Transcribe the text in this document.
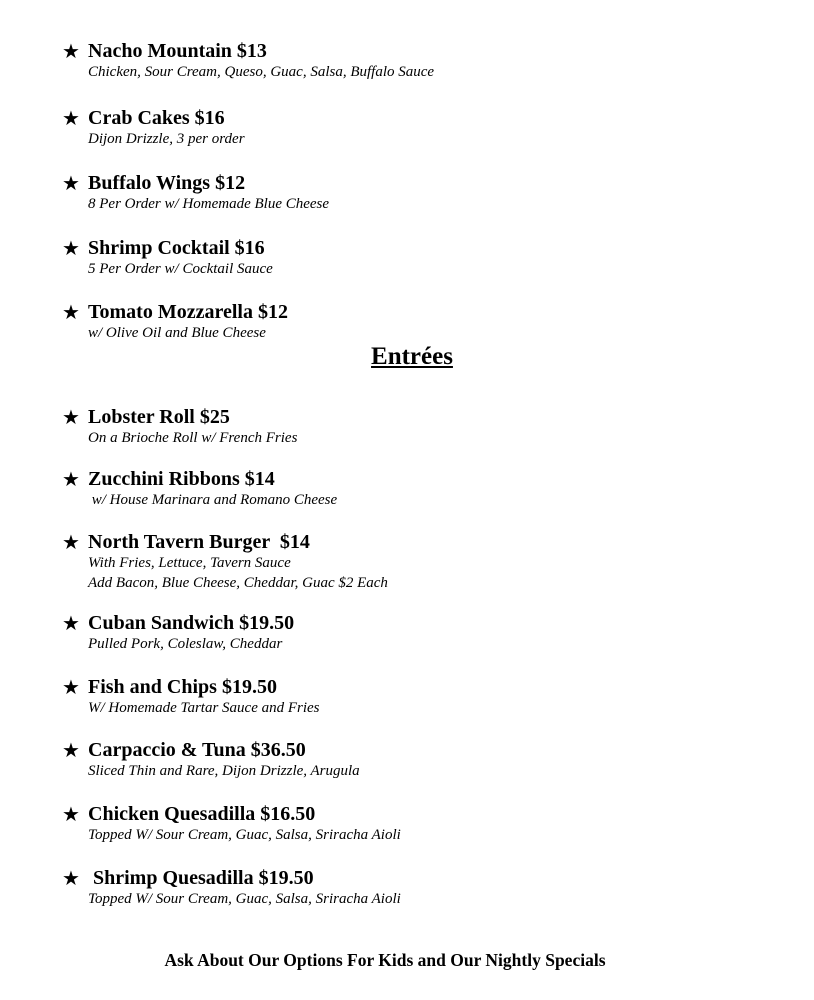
★ Nacho Mountain $13
Chicken, Sour Cream, Queso, Guac, Salsa, Buffalo Sauce
★ Crab Cakes $16
Dijon Drizzle, 3 per order
★ Buffalo Wings $12
8 Per Order w/ Homemade Blue Cheese
★ Shrimp Cocktail $16
5 Per Order w/ Cocktail Sauce
★ Tomato Mozzarella $12
w/ Olive Oil and Blue Cheese
Entrées
★ Lobster Roll $25
On a Brioche Roll w/ French Fries
★ Zucchini Ribbons $14
w/ House Marinara and Romano Cheese
★ North Tavern Burger  $14
With Fries, Lettuce, Tavern Sauce
Add Bacon, Blue Cheese, Cheddar, Guac $2 Each
★ Cuban Sandwich $19.50
Pulled Pork, Coleslaw, Cheddar
★ Fish and Chips $19.50
W/ Homemade Tartar Sauce and Fries
★ Carpaccio & Tuna $36.50
Sliced Thin and Rare, Dijon Drizzle, Arugula
★ Chicken Quesadilla $16.50
Topped W/ Sour Cream, Guac, Salsa, Sriracha Aioli
★ Shrimp Quesadilla $19.50
Topped W/ Sour Cream, Guac, Salsa, Sriracha Aioli
Ask About Our Options For Kids and Our Nightly Specials
